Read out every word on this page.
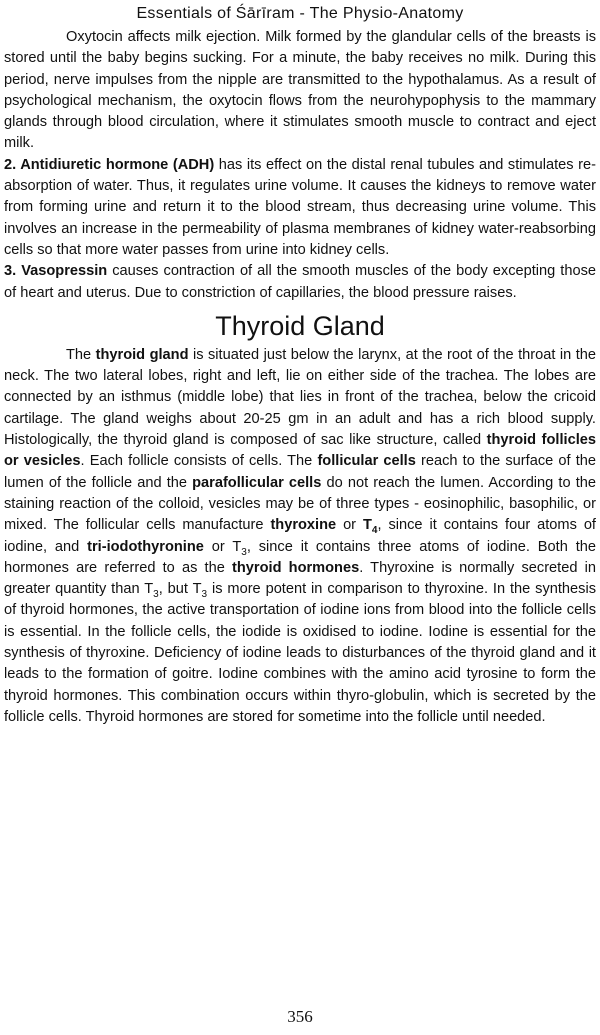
Essentials of Śārīram - The Physio-Anatomy

Oxytocin affects milk ejection. Milk formed by the glandular cells of the breasts is stored until the baby begins sucking. For a minute, the baby receives no milk. During this period, nerve impulses from the nipple are transmitted to the hypothalamus. As a result of psychological mechanism, the oxytocin flows from the neurohypophysis to the mammary glands through blood circulation, where it stimulates smooth muscle to contract and eject milk.

2. Antidiuretic hormone (ADH) has its effect on the distal renal tubules and stimulates re-absorption of water. Thus, it regulates urine volume. It causes the kidneys to remove water from forming urine and return it to the blood stream, thus decreasing urine volume. This involves an increase in the permeability of plasma membranes of kidney water-reabsorbing cells so that more water passes from urine into kidney cells.

3. Vasopressin causes contraction of all the smooth muscles of the body excepting those of heart and uterus. Due to constriction of capillaries, the blood pressure raises.

Thyroid Gland

The thyroid gland is situated just below the larynx, at the root of the throat in the neck. The two lateral lobes, right and left, lie on either side of the trachea. The lobes are connected by an isthmus (middle lobe) that lies in front of the trachea, below the cricoid cartilage. The gland weighs about 20-25 gm in an adult and has a rich blood supply. Histologically, the thyroid gland is composed of sac like structure, called thyroid follicles or vesicles. Each follicle consists of cells. The follicular cells reach to the surface of the lumen of the follicle and the parafollicular cells do not reach the lumen. According to the staining reaction of the colloid, vesicles may be of three types - eosinophilic, basophilic, or mixed. The follicular cells manufacture thyroxine or $T_4$, since it contains four atoms of iodine, and tri-iodothyronine or $T_3$, since it contains three atoms of iodine. Both the hormones are referred to as the thyroid hormones. Thyroxine is normally secreted in greater quantity than $T_3$, but $T_3$ is more potent in comparison to thyroxine. In the synthesis of thyroid hormones, the active transportation of iodine ions from blood into the follicle cells is essential. In the follicle cells, the iodide is oxidised to iodine. Iodine is essential for the synthesis of thyroxine. Deficiency of iodine leads to disturbances of the thyroid gland and it leads to the formation of goitre. Iodine combines with the amino acid tyrosine to form the thyroid hormones. This combination occurs within thyro-globulin, which is secreted by the follicle cells. Thyroid hormones are stored for sometime into the follicle until needed.

356
